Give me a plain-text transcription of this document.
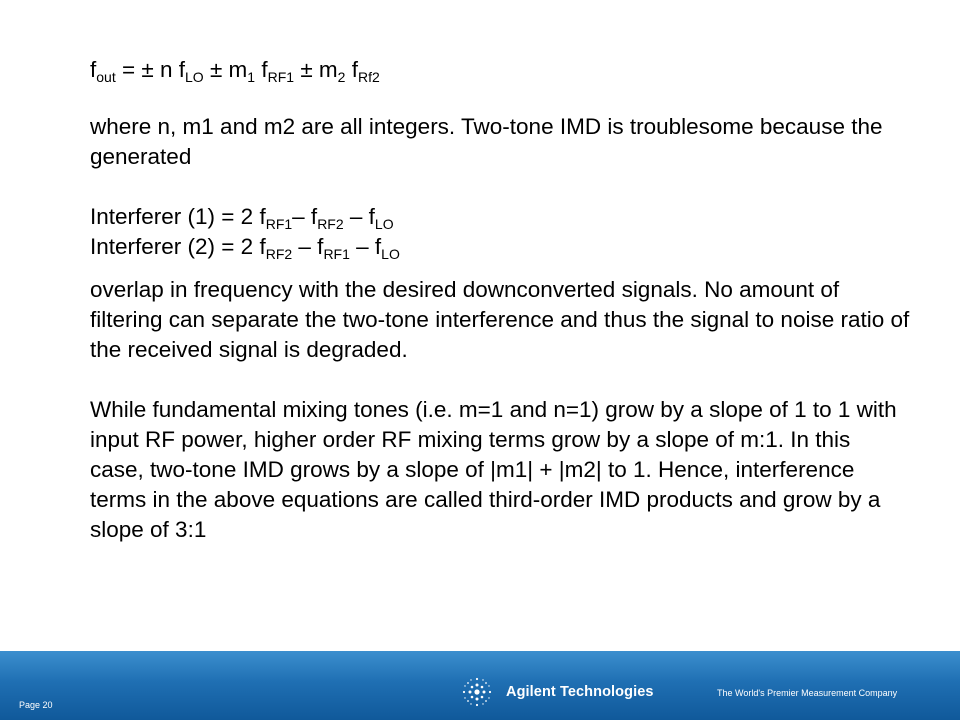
$f_{out}$ = ± n $f_{LO} \pm m_1$ $f_{RF1} \pm m_2$ $f_{Rf2}$

where n, m1 and m2 are all integers. Two-tone IMD is troublesome because the generated

Interferer (1) = 2 $f_{RF1}-$ $f_{RF2} - f_{LO}$

Interferer (2) = 2 $f_{RF2} - f_{RF1} - f_{LO}$

overlap in frequency with the desired downconverted signals. No amount of filtering can separate the two-tone interference and thus the signal to noise ratio of the received signal is degraded.

While fundamental mixing tones (i.e. m=1 and n=1) grow by a slope of 1 to 1 with input RF power, higher order RF mixing terms grow by a slope of m:1. In this case, two-tone IMD grows by a slope of |m1| + |m2| to 1. Hence, interference terms in the above equations are called third-order IMD products and grow by a slope of 3:1

Page 20
Agilent Technologies	The World's Premier Measurement Company
